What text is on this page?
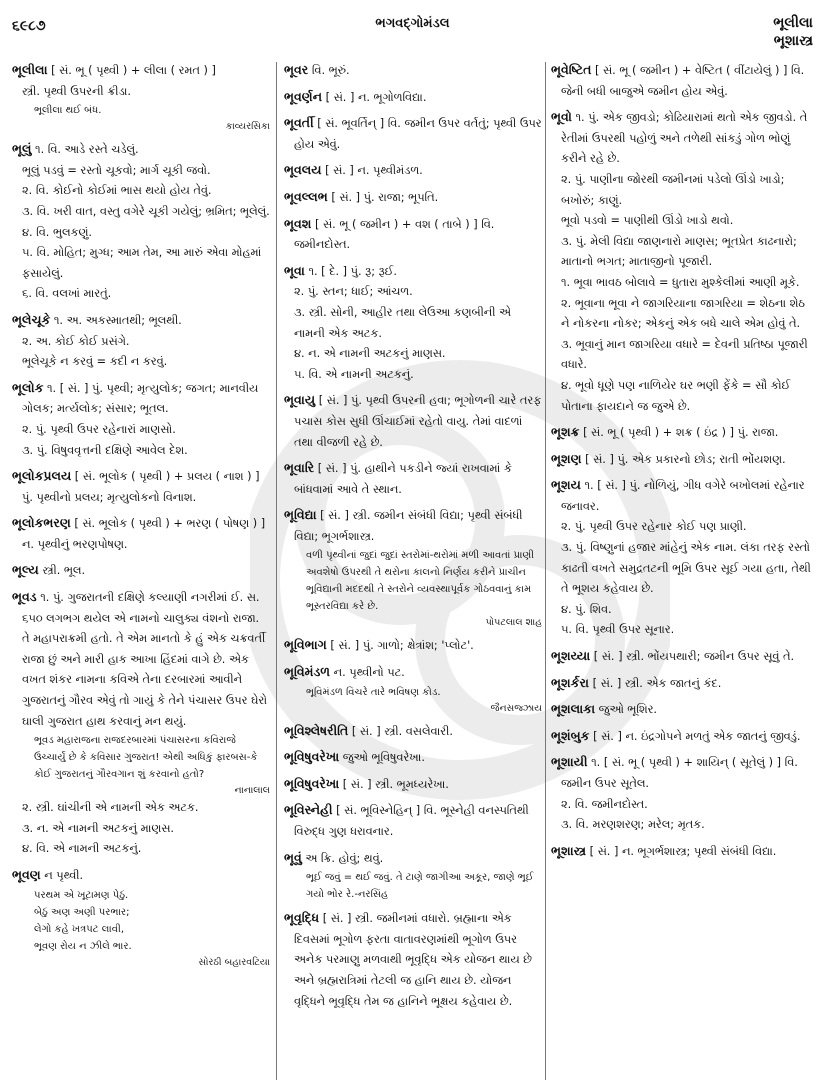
૬૯૮૭	ભગવદ્ગોમંડલ	ભૂલીલા
ભૂશાસ્ત્ર
ભૂલીલા [ સં. ભૂ ( પૃથ્વી ) + લીલા ( રમત ) ]
સ્ત્રી. પૃથ્વી ઉપરની ક્રીડા.
ભૂલીલા થઈ બંધ.
કાવ્યરસિકા
ભૂલું ૧. વિ. આડે રસ્તે ચડેલું.
ભૂલું પડવું = રસ્તો ચૂકવો; માર્ગ ચૂકી જવો.
૨. વિ. કોઈનો કોઈમાં ભાસ થયો હોય તેવું.
૩. વિ. ખરી વાત, વસ્તુ વગેરે ચૂકી ગયેલું; ભ્રમિત; ભૂલેલું.
૪. વિ. ભુલકણું.
૫. વિ. મોહિત; મુગ્ધ; આમ તેમ, આ મારું એવા મોહમાં ફસાયેલું.
૬. વિ. વલખાં મારતું.
ભૂલેચૂકે ૧. અ. અકસ્માતથી; ભૂલથી.
૨. અ. કોઈ કોઈ પ્રસંગે.
ભૂલેચૂકે ન કરવું = કદી ન કરવું.
ભૂલોક ૧. [ સં. ] પું. પૃથ્વી; મૃત્યુલોક; જગત; માનવીય ગોલક; મર્ત્યલોક; સંસાર; ભૂતલ.
૨. પું. પૃથ્વી ઉપર રહેનારાં માણસો.
૩. પું. વિષુવવૃત્તની દક્ષિણે આવેલ દેશ.
ભૂલોકપ્રલય [ સં. ભૂલોક ( પૃથ્વી ) + પ્રલય ( નાશ ) ] પું. પૃથ્વીનો પ્રલય; મૃત્યુલોકનો વિનાશ.
ભૂલોકભરણ [ સં. ભૂલોક ( પૃથ્વી ) + ભરણ ( પોષણ ) ] ન. પૃથ્વીનું ભરણપોષણ.
ભૂલ્ય સ્ત્રી. ભૂલ.
ભૂવડ ૧. પું. ગુજરાતની દક્ષિણે કલ્યાણી નગરીમાં ઈ. સ. ૬૫૦ લગભગ થયેલ એ નામનો ચાલુક્ય વંશનો રાજા. તે મહાપરાક્રમી હતો. તે એમ માનતો કે હું એક ચક્રવર્તી રાજા છું અને મારી હાક આખા હિંદમાં વાગે છે. એક વખત શંકર નામના કવિએ તેના દરબારમાં આવીને ગુજરાતનું ગૌરવ એવું તો ગાયું કે તેને પંચાસર ઉપર ઘેરો ઘાલી ગુજરાત હાથ કરવાનું મન થયું.
ભૂવડ મહારાજના રાજદરબારમાં પંચાસરના કવિરાજે ઉચ્ચાર્યું છે કે કવિસાર ગુજરાત! એથી અધિકું ફારબસ-કે કોઈ ગુજરાતનું ગૌરવગાન શું કરવાનો હતો?
નાનાલાલ
૨. સ્ત્રી. ઘાંચીની એ નામની એક અટક.
૩. ન. એ નામની અટકનું માણસ.
૪. વિ. એ નામની અટકનું.
ભૂવણ ન પૃથ્વી.
પરથમ એ ખૂટામણ પેઠું.
બેઠું અણ અણી પરભાર;
લેગો કહે ખત્રપટ લાવી,
ભૂવણ રોય ન ઝીલે ભાર.
સોરઠી બહારવટિયા
ભૂવર વિ. ભૂરું.
ભૂવર્ણન [ સં. ] ન. ભૂગોળવિદ્યા.
ભૂવર્તી [ સં. ભૂવર્તિન્ ] વિ. જમીન ઉપર વર્તતું; પૃથ્વી ઉપર હોય એવું.
ભૂવલય [ સં. ] ન. પૃથ્વીમંડળ.
ભૂવલ્લભ [ સં. ] પું. રાજા; ભૂપતિ.
ભૂવશ [ સં. ભૂ ( જમીન ) + વશ ( તાબે ) ] વિ. જમીનદોસ્ત.
ભૂવા ૧. [ દે. ] પું. રૂ; રૂઈ.
૨. પું. સ્તન; ધાઈ; આંચળ.
૩. સ્ત્રી. સોની, આહીર તથા લેઉઆ કણબીની એ નામની એક અટક.
૪. ન. એ નામની અટકનું માણસ.
૫. વિ. એ નામની અટકનું.
ભૂવાયુ [ સં. ] પું. પૃથ્વી ઉપરની હવા; ભૂગોળની ચારે તરફ પચાસ કોસ સુધી ઊંચાઈમાં રહેતો વાયુ. તેમાં વાદળાં તથા વીજળી રહે છે.
ભૂવારિ [ સં. ] પું. હાથીને પકડીને જ્યાં રાખવામાં કે બાંધવામાં આવે તે સ્થાન.
ભૂવિદ્યા [ સં. ] સ્ત્રી. જમીન સંબંધી વિદ્યા; પૃથ્વી સંબંધી વિદ્યા; ભૂગર્ભશાસ્ત્ર.
વળી પૃથ્વીનાં જુદાં જુદાં સ્તરોમાં-થરોમાં મળી આવતાં પ્રાણી અવશેષો ઉપરથી તે થરોના કાલનો નિર્ણય કરીને પ્રાચીન ભૂવિદ્યાની મદદથી તે સ્તરોને વ્યવસ્થાપૂર્વક ગોઠવવાનું કામ ભૂસ્તરવિદ્યા કરે છે.
પોપટલાલ શાહ
ભૂવિભાગ [ સં. ] પું. ગાળો; ક્ષેત્રાંશ; 'પ્લોટ'.
ભૂવિમંડળ ન. પૃથ્વીનો પટ.
ભૂવિમંડળ વિચરે તારે ભવિષણ કોડ.
જૈનસજ્ઝાય
ભૂવિશ્લેષરીતિ [ સં. ] સ્ત્રી. વસલેવારી.
ભૂવિષુવરેખા જુઓ ભૂવિષુવરેખા.
ભૂવિષુવરેખા [ સં. ] સ્ત્રી. ભૂમધ્યરેખા.
ભૂવિસ્નેહી [ સં. ભૂવિસ્નેહિન્ ] વિ. ભૂસ્નેહી વનસ્પતિથી વિરુદ્ધ ગુણ ધરાવનાર.
ભૂવું અ ક્રિ. હોવું; થવું.
ભૂઈ જવું = થઈ જવું. તે ટાણે જાગીઆ અકૂર, જાણે ભૂઈ ગયો ભોર રે.-નરસિંહ
ભૂવૃદ્ધિ [ સં. ] સ્ત્રી. જમીનમાં વધારો. બ્રહ્માના એક દિવસમાં ભૂગોળ ફરતા વાતાવરણમાંથી ભૂગોળ ઉપર અનેક પરમાણુ મળવાથી ભૂવૃદ્ધિ એક યોજન થાય છે અને બ્રહ્મરાત્રિમાં તેટલી જ હાનિ થાય છે. યોજન વૃદ્ધિને ભૂવૃદ્ધિ તેમ જ હાનિને ભૂક્ષય કહેવાય છે.
ભૂવેષ્ટિત [ સં. ભૂ ( જમીન ) + વેષ્ટિત ( વીંટાયેલું ) ] વિ. જેની બધી બાજુએ જમીન હોય એવું.
ભૂવો ૧. પું. એક જીવડો; કોઢિયારામાં થતો એક જીવડો. તે રેતીમાં ઉપરથી પહોળું અને તળેથી સાંકડું ગોળ ભોણું કરીને રહે છે.
૨. પું. પાણીના જોરથી જમીનમાં પડેલો ઊંડો ખાડો; બખોરું; કાણું.
ભૂવો પડવો = પાણીથી ઊંડો ખાડો થવો.
૩. પું. મેલી વિદ્યા જાણનારો માણસ; ભૂતપ્રેત કાઢનારો; માતાનો ભગત; માતાજીનો પૂજારી.
૧. ભૂવા ભાવઠ બોલાવે = ધુતારા મુશ્કેલીમાં આણી મૂકે.
૨. ભૂવાના ભૂવા ને જાગરિયાના જાગરિયા = શેઠના શેઠ ને નોકરના નોકર; એકનું એક બધે ચાલે એમ હોવું તે.
૩. ભૂવાનું માન જાગરિયા વધારે = દેવની પ્રતિષ્ઠા પૂજારી વધારે.
૪. ભૂવો ધૂણે પણ નાળિયેર ઘર ભણી ફેંકે = સૌ કોઈ પોતાના ફાયદાને જ જુએ છે.
ભૂશક્ર [ સં. ભૂ ( પૃથ્વી ) + શક્ર ( ઇંદ્ર ) ] પું. રાજા.
ભૂશણ [ સં. ] પું. એક પ્રકારનો છોડ; રાતી ભોંયશણ.
ભૂશય ૧. [ સં. ] પું. નોળિયું, ગીધ વગેરે બખોલમાં રહેનાર જનાવર.
૨. પું. પૃથ્વી ઉપર રહેનાર કોઈ પણ પ્રાણી.
૩. પું. વિષ્ણુનાં હજાર માંહેનું એક નામ. લંકા તરફ રસ્તો કાઢતી વખતે સમુદ્રતટની ભૂમિ ઉપર સૂઈ ગયા હતા, તેથી તે ભૂશય કહેવાય છે.
૪. પું. શિવ.
૫. વિ. પૃથ્વી ઉપર સૂનાર.
ભૂશય્યા [ સં. ] સ્ત્રી. ભોંયપથારી; જમીન ઉપર સૂવું તે.
ભૂશર્કરા [ સં. ] સ્ત્રી. એક જાતનું કંદ.
ભૂશલાકા જુઓ ભૂશિર.
ભૂશંબુક [ સં. ] ન. ઇંદ્રગોપને મળતું એક જાતનું જીવડું.
ભૂશાયી ૧. [ સં. ભૂ ( પૃથ્વી ) + શાયિન્ ( સૂતેલું ) ] વિ. જમીન ઉપર સૂતેલ.
૨. વિ. જમીનદોસ્ત.
૩. વિ. મરણશરણ; મરેલ; મૃતક.
ભૂશાસ્ત્ર [ સં. ] ન. ભૂગર્ભશાસ્ત્ર; પૃથ્વી સંબંધી વિદ્યા.
